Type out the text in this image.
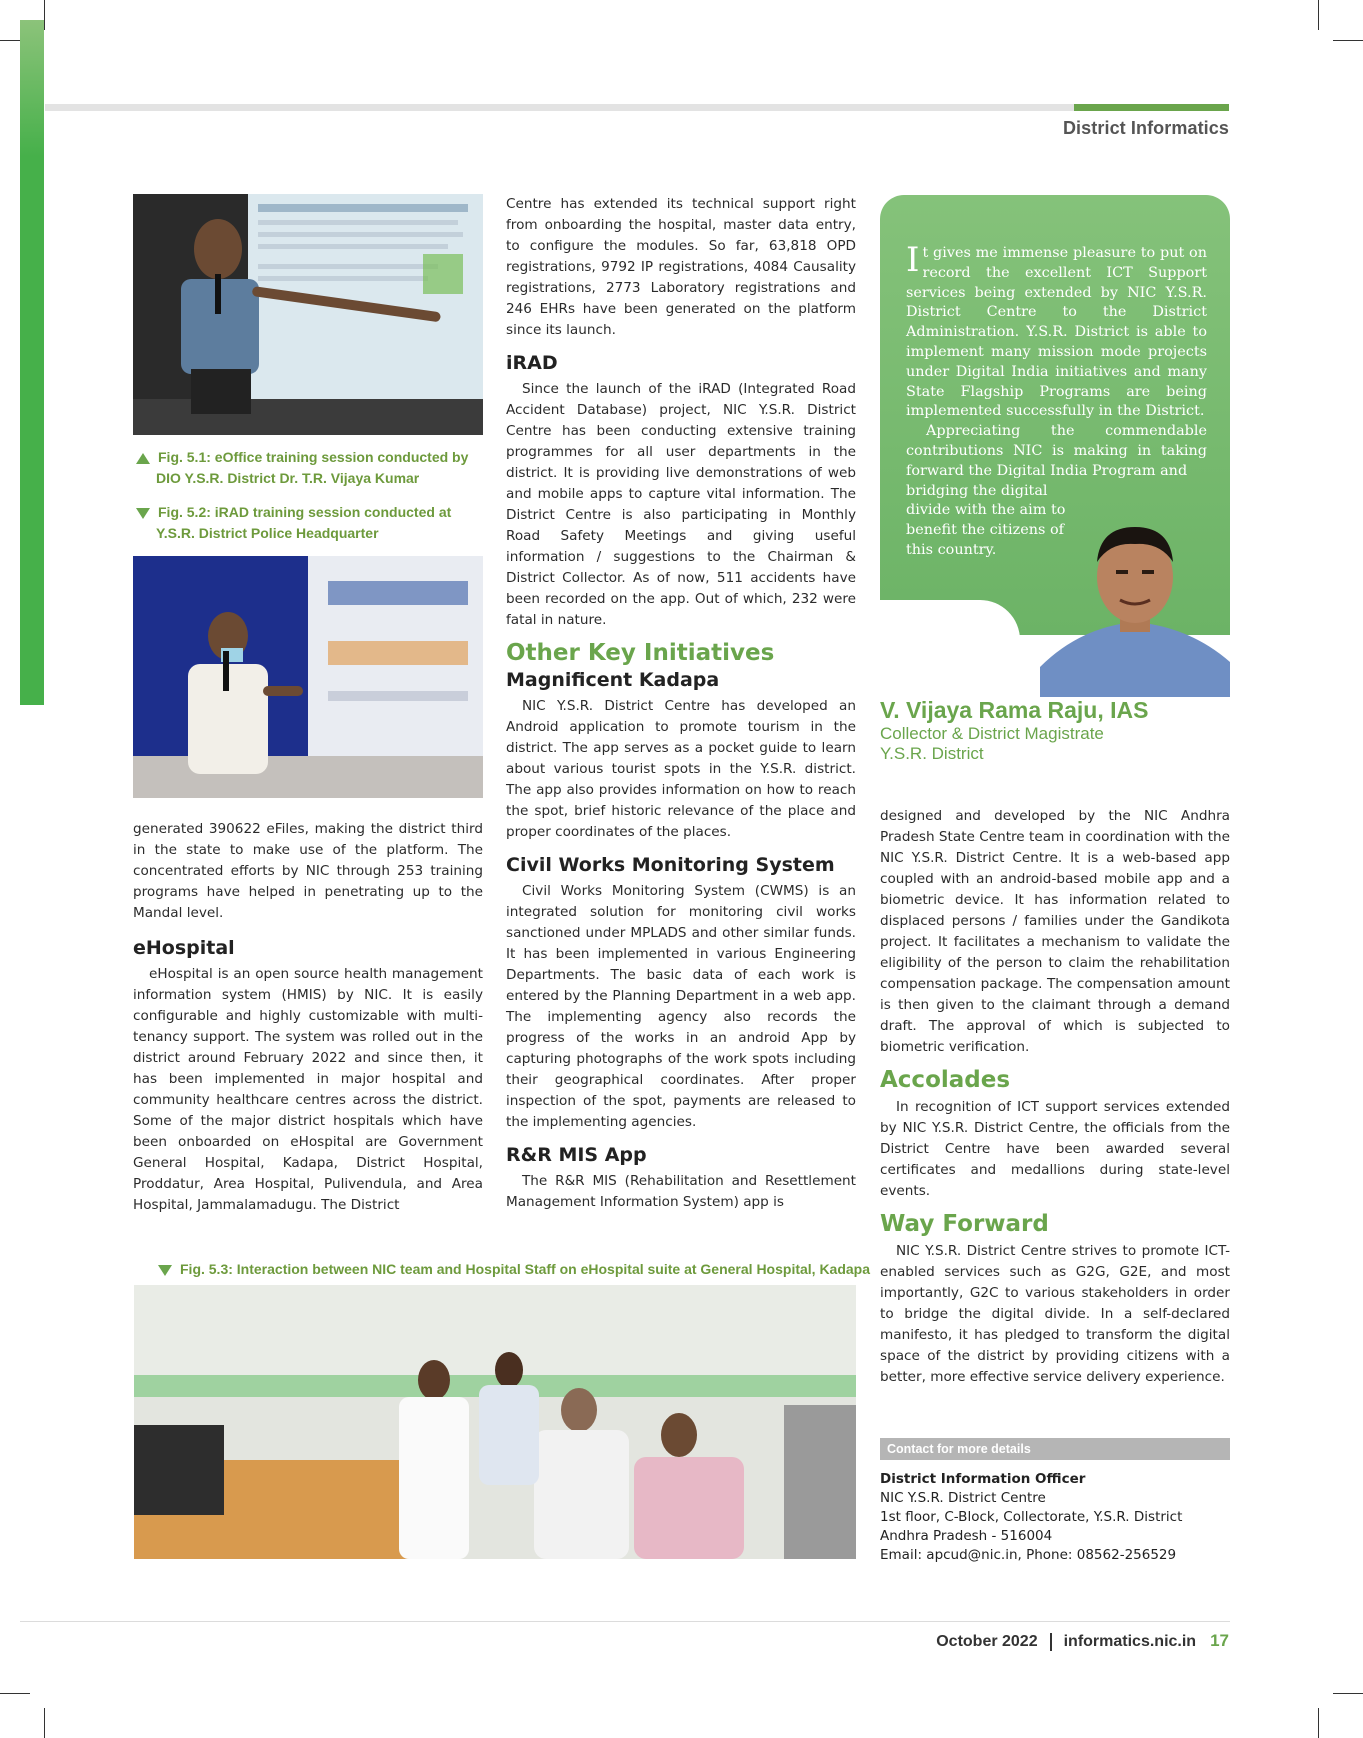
District Informatics
Fig. 5.1: eOffice training session conducted by DIO Y.S.R. District Dr. T.R. Vijaya Kumar
Fig. 5.2: iRAD training session conducted at Y.S.R. District Police Headquarter

generated 390622 eFiles, making the district third in the state to make use of the platform. The concentrated efforts by NIC through 253 training programs have helped in penetrating up to the Mandal level.

eHospital

eHospital is an open source health management information system (HMIS) by NIC. It is easily configurable and highly customizable with multi-tenancy support. The system was rolled out in the district around February 2022 and since then, it has been implemented in major hospital and community healthcare centres across the district. Some of the major district hospitals which have been onboarded on eHospital are Government General Hospital, Kadapa, District Hospital, Proddatur, Area Hospital, Pulivendula, and Area Hospital, Jammalamadugu. The District

Centre has extended its technical support right from onboarding the hospital, master data entry, to configure the modules. So far, 63,818 OPD registrations, 9792 IP registrations, 4084 Causality registrations, 2773 Laboratory registrations and 246 EHRs have been generated on the platform since its launch.

iRAD

Since the launch of the iRAD (Integrated Road Accident Database) project, NIC Y.S.R. District Centre has been conducting extensive training programmes for all user departments in the district. It is providing live demonstrations of web and mobile apps to capture vital information. The District Centre is also participating in Monthly Road Safety Meetings and giving useful information / suggestions to the Chairman & District Collector. As of now, 511 accidents have been recorded on the app. Out of which, 232 were fatal in nature.

Other Key Initiatives
Magnificent Kadapa

NIC Y.S.R. District Centre has developed an Android application to promote tourism in the district. The app serves as a pocket guide to learn about various tourist spots in the Y.S.R. district. The app also provides information on how to reach the spot, brief historic relevance of the place and proper coordinates of the places.

Civil Works Monitoring System

Civil Works Monitoring System (CWMS) is an integrated solution for monitoring civil works sanctioned under MPLADS and other similar funds. It has been implemented in various Engineering Departments. The basic data of each work is entered by the Planning Department in a web app. The implementing agency also records the progress of the works in an android App by capturing photographs of the work spots including their geographical coordinates. After proper inspection of the spot, payments are released to the implementing agencies.

R&R MIS App

The R&R MIS (Rehabilitation and Resettlement Management Information System) app is

Fig. 5.3: Interaction between NIC team and Hospital Staff on eHospital suite at General Hospital, Kadapa

It gives me immense pleasure to put on record the excellent ICT Support services being extended by NIC Y.S.R. District Centre to the District Administration. Y.S.R. District is able to implement many mission mode projects under Digital India initiatives and many State Flagship Programs are being implemented successfully in the District.

Appreciating the commendable contributions NIC is making in taking forward the Digital India Program and

bridging the digital divide with the aim to benefit the citizens of this country.

V. Vijaya Rama Raju, IAS
Collector & District Magistrate
Y.S.R. District

designed and developed by the NIC Andhra Pradesh State Centre team in coordination with the NIC Y.S.R. District Centre. It is a web-based app coupled with an android-based mobile app and a biometric device. It has information related to displaced persons / families under the Gandikota project. It facilitates a mechanism to validate the eligibility of the person to claim the rehabilitation compensation package. The compensation amount is then given to the claimant through a demand draft. The approval of which is subjected to biometric verification.

Accolades

In recognition of ICT support services extended by NIC Y.S.R. District Centre, the officials from the District Centre have been awarded several certificates and medallions during state-level events.

Way Forward

NIC Y.S.R. District Centre strives to promote ICT-enabled services such as G2G, G2E, and most importantly, G2C to various stakeholders in order to bridge the digital divide. In a self-declared manifesto, it has pledged to transform the digital space of the district by providing citizens with a better, more effective service delivery experience.

Contact for more details
District Information Officer
NIC Y.S.R. District Centre
1st floor, C-Block, Collectorate, Y.S.R. District
Andhra Pradesh - 516004
Email: apcud@nic.in, Phone: 08562-256529
October 2022 informatics.nic.in 17
